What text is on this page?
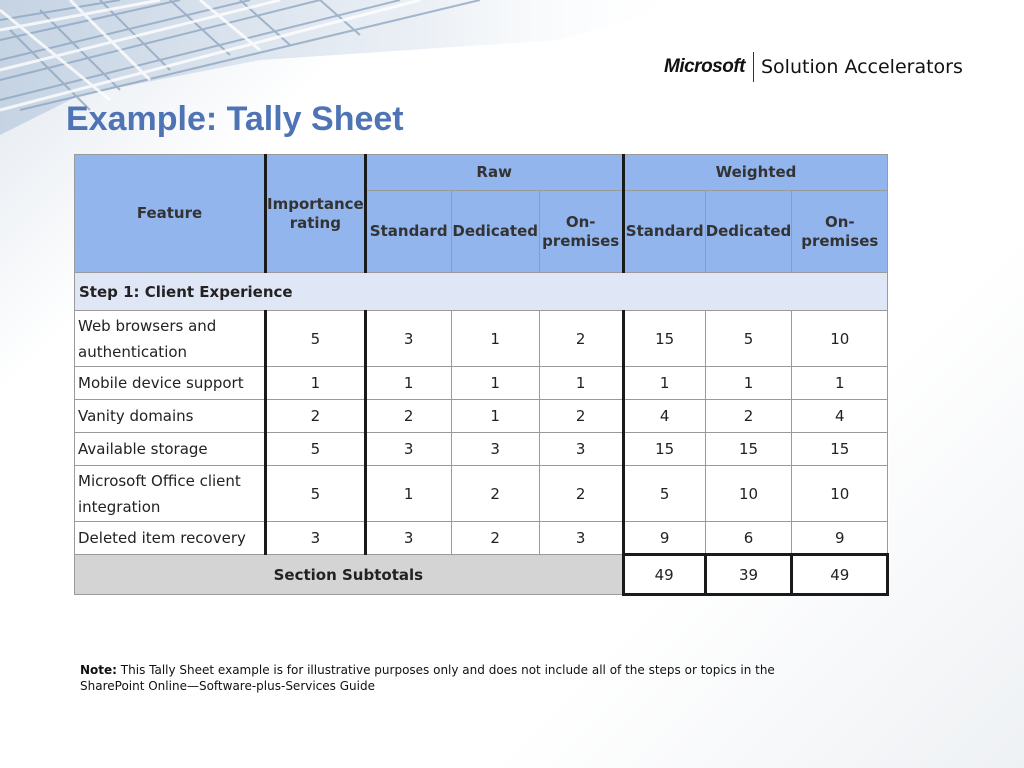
Microsoft Solution Accelerators
Example: Tally Sheet
Feature	Importance rating	Raw			Weighted		
		Standard	Dedicated	On-premises	Standard	Dedicated	On-premises
Step 1: Client Experience							
Web browsers and authentication	5	3	1	2	15	5	10
Mobile device support	1	1	1	1	1	1	1
Vanity domains	2	2	1	2	4	2	4
Available storage	5	3	3	3	15	15	15
Microsoft Office client integration	5	1	2	2	5	10	10
Deleted item recovery	3	3	2	3	9	6	9
Section Subtotals					49	39	49
Note: This Tally Sheet example is for illustrative purposes only and does not include all of the steps or topics in the SharePoint Online—Software-plus-Services Guide
